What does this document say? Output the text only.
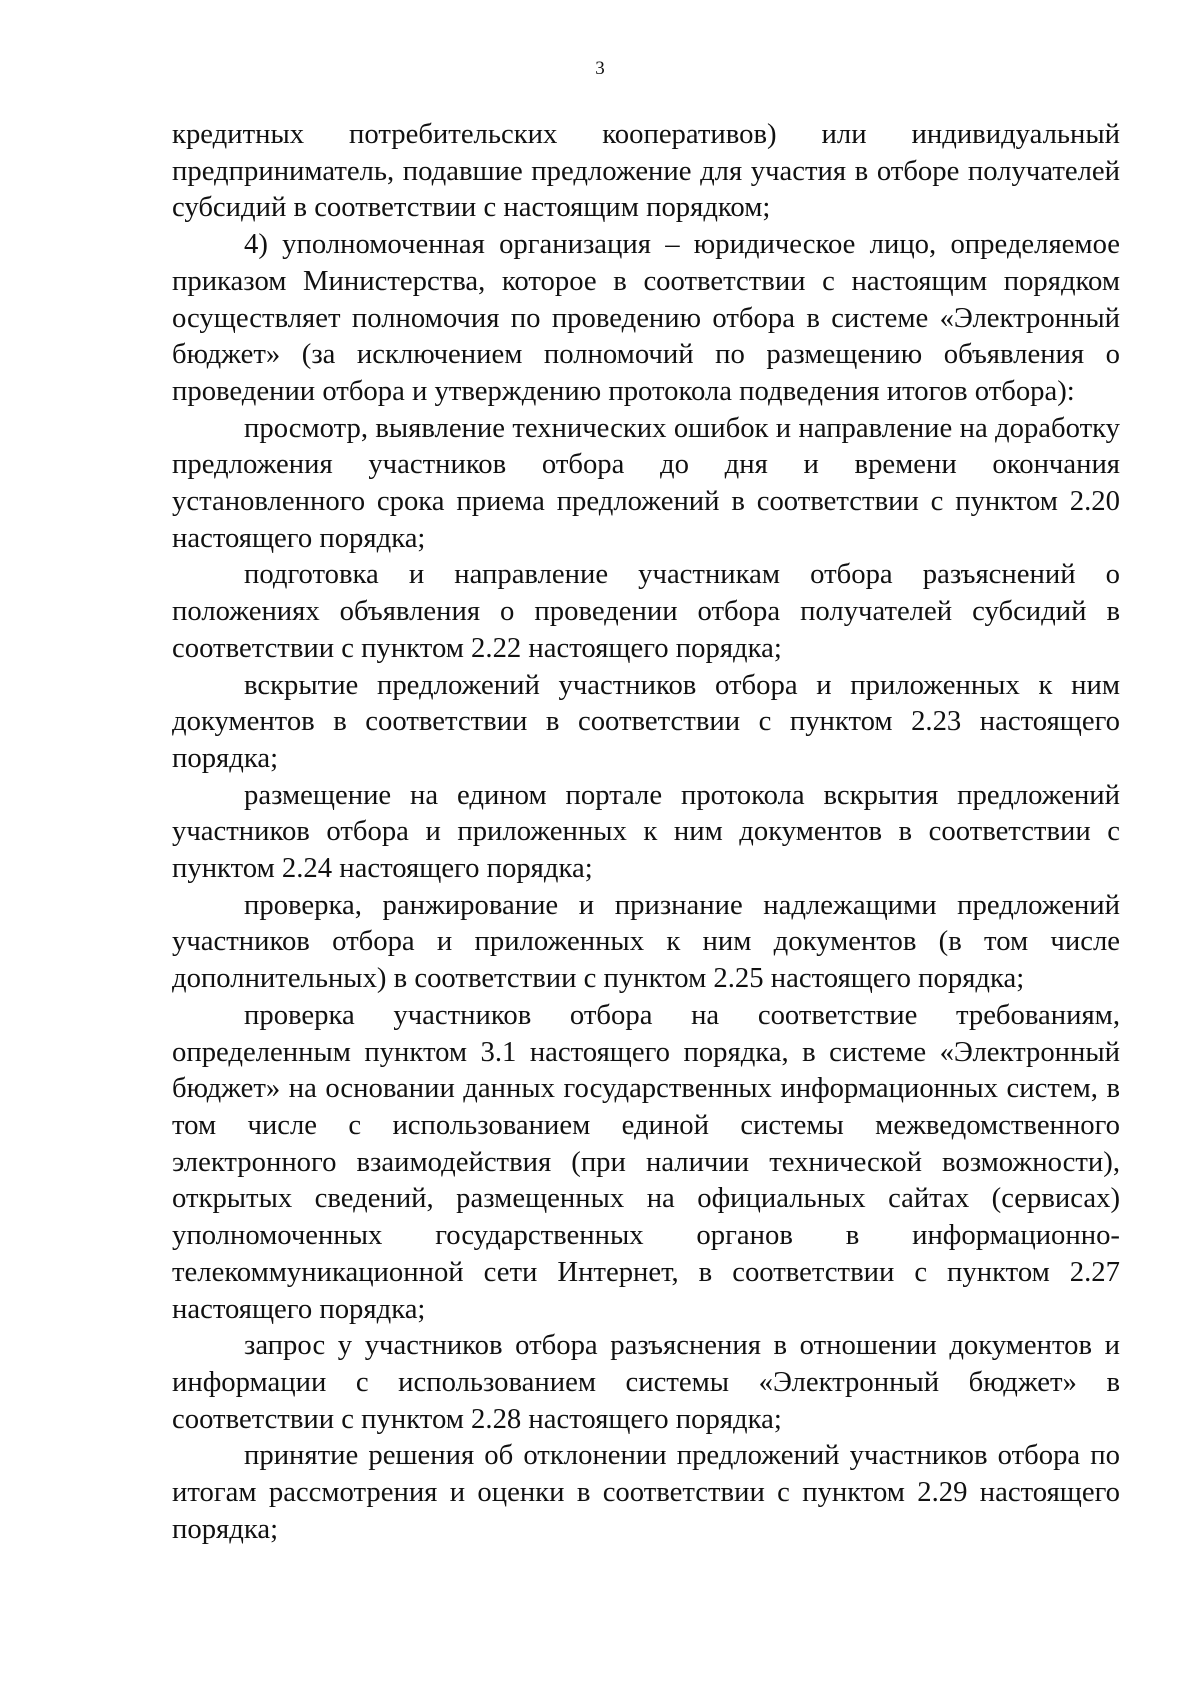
3

кредитных потребительских кооперативов) или индивидуальный предприниматель, подавшие предложение для участия в отборе получателей субсидий в соответствии с настоящим порядком;

4) уполномоченная организация – юридическое лицо, определяемое приказом Министерства, которое в соответствии с настоящим порядком осуществляет полномочия по проведению отбора в системе «Электронный бюджет» (за исключением полномочий по размещению объявления о проведении отбора и утверждению протокола подведения итогов отбора):

просмотр, выявление технических ошибок и направление на доработку предложения участников отбора до дня и времени окончания установленного срока приема предложений в соответствии с пунктом 2.20 настоящего порядка;

подготовка и направление участникам отбора разъяснений о положениях объявления о проведении отбора получателей субсидий в соответствии с пунктом 2.22 настоящего порядка;

вскрытие предложений участников отбора и приложенных к ним документов в соответствии в соответствии с пунктом 2.23 настоящего порядка;

размещение на едином портале протокола вскрытия предложений участников отбора и приложенных к ним документов в соответствии с пунктом 2.24 настоящего порядка;

проверка, ранжирование и признание надлежащими предложений участников отбора и приложенных к ним документов (в том числе дополнительных) в соответствии с пунктом 2.25 настоящего порядка;

проверка участников отбора на соответствие требованиям, определенным пунктом 3.1 настоящего порядка, в системе «Электронный бюджет» на основании данных государственных информационных систем, в том числе с использованием единой системы межведомственного электронного взаимодействия (при наличии технической возможности), открытых сведений, размещенных на официальных сайтах (сервисах) уполномоченных государственных органов в информационно-телекоммуникационной сети Интернет, в соответствии с пунктом 2.27 настоящего порядка;

запрос у участников отбора разъяснения в отношении документов и информации с использованием системы «Электронный бюджет» в соответствии с пунктом 2.28 настоящего порядка;

принятие решения об отклонении предложений участников отбора по итогам рассмотрения и оценки в соответствии с пунктом 2.29 настоящего порядка;
